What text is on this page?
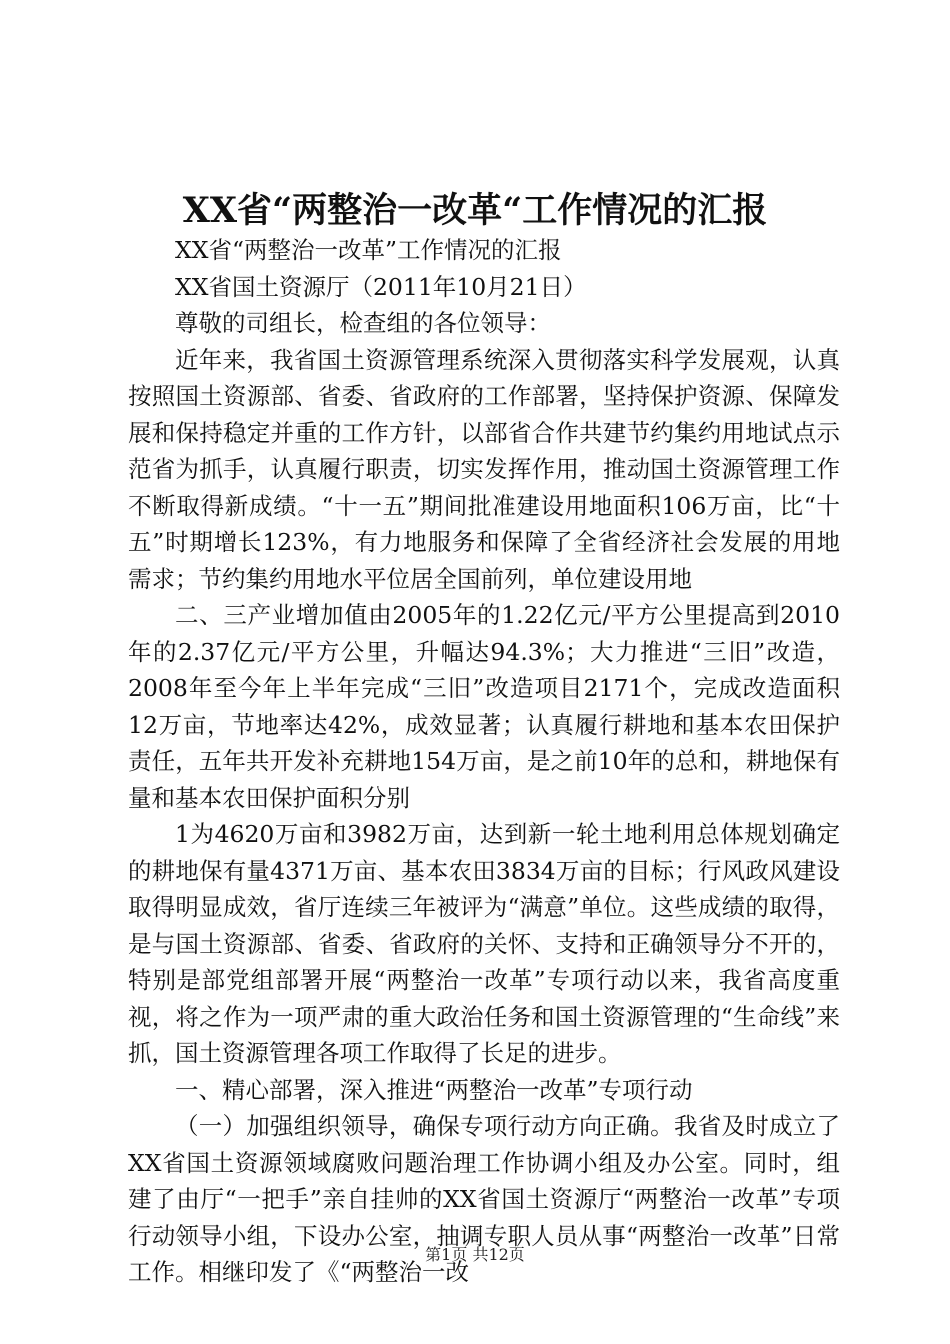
XX省“两整治一改革“工作情况的汇报

XX省“两整治一改革”工作情况的汇报

XX省国土资源厅（2011年10月21日）

尊敬的司组长，检查组的各位领导：

近年来，我省国土资源管理系统深入贯彻落实科学发展观，认真按照国土资源部、省委、省政府的工作部署，坚持保护资源、保障发展和保持稳定并重的工作方针，以部省合作共建节约集约用地试点示范省为抓手，认真履行职责，切实发挥作用，推动国土资源管理工作不断取得新成绩。“十一五”期间批准建设用地面积106万亩，比“十五”时期增长123%，有力地服务和保障了全省经济社会发展的用地需求；节约集约用地水平位居全国前列，单位建设用地

二、三产业增加值由2005年的1.22亿元/平方公里提高到2010年的2.37亿元/平方公里，升幅达94.3%；大力推进“三旧”改造，2008年至今年上半年完成“三旧”改造项目2171个，完成改造面积12万亩，节地率达42%，成效显著；认真履行耕地和基本农田保护责任，五年共开发补充耕地154万亩，是之前10年的总和，耕地保有量和基本农田保护面积分别

1为4620万亩和3982万亩，达到新一轮土地利用总体规划确定的耕地保有量4371万亩、基本农田3834万亩的目标；行风政风建设取得明显成效，省厅连续三年被评为“满意”单位。这些成绩的取得，是与国土资源部、省委、省政府的关怀、支持和正确领导分不开的，特别是部党组部署开展“两整治一改革”专项行动以来，我省高度重视，将之作为一项严肃的重大政治任务和国土资源管理的“生命线”来抓，国土资源管理各项工作取得了长足的进步。

一、精心部署，深入推进“两整治一改革”专项行动

（一）加强组织领导，确保专项行动方向正确。我省及时成立了XX省国土资源领域腐败问题治理工作协调小组及办公室。同时，组建了由厅“一把手”亲自挂帅的XX省国土资源厅“两整治一改革”专项行动领导小组，下设办公室，抽调专职人员从事“两整治一改革”日常工作。相继印发了《“两整治一改

第1页 共12页
